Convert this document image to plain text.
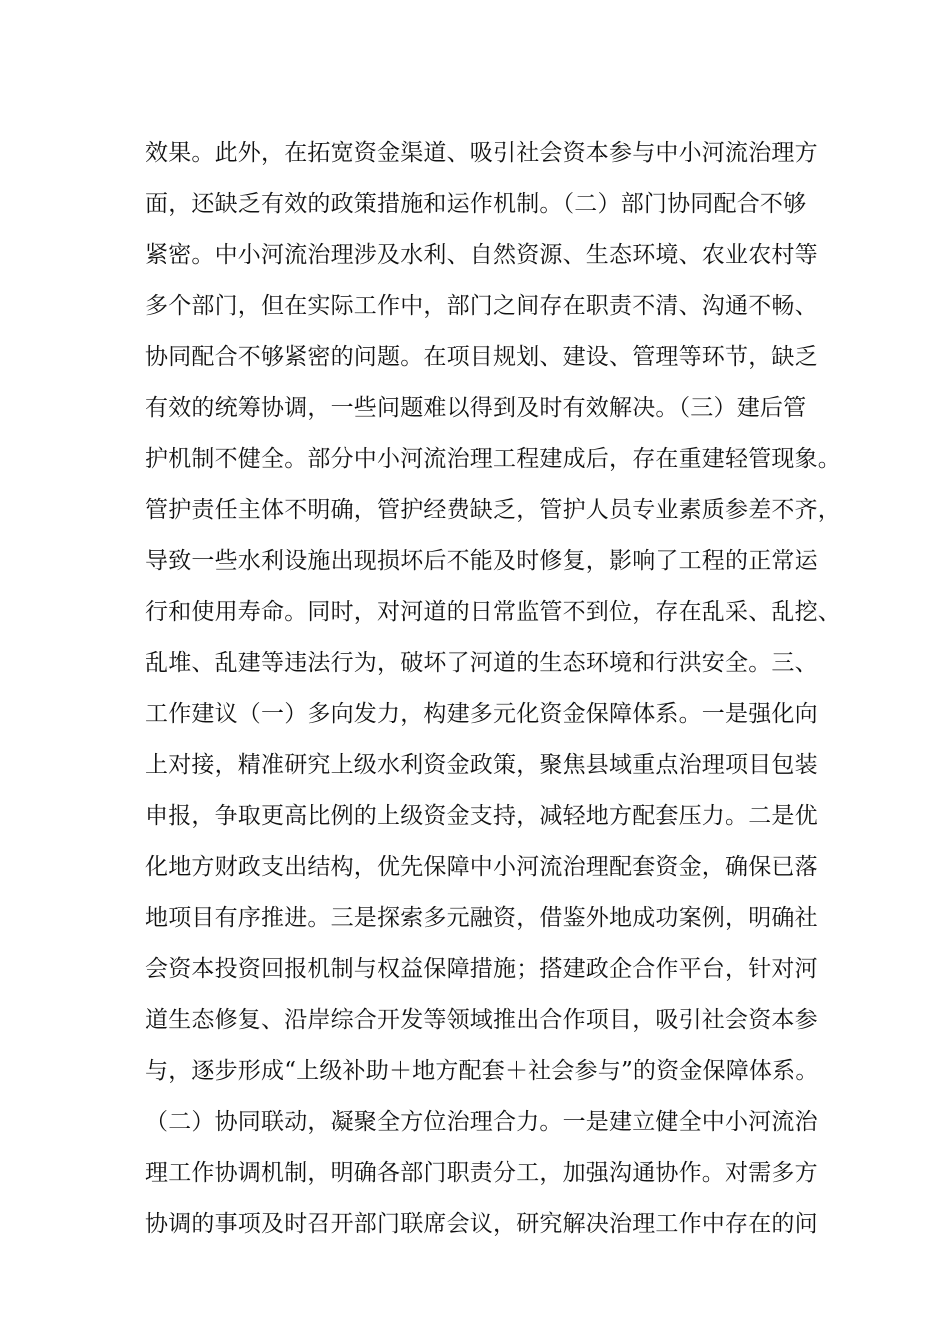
效果。此外，在拓宽资金渠道、吸引社会资本参与中小河流治理方
面，还缺乏有效的政策措施和运作机制。（二）部门协同配合不够
紧密。中小河流治理涉及水利、自然资源、生态环境、农业农村等
多个部门，但在实际工作中，部门之间存在职责不清、沟通不畅、
协同配合不够紧密的问题。在项目规划、建设、管理等环节，缺乏
有效的统筹协调，一些问题难以得到及时有效解决。（三）建后管
护机制不健全。部分中小河流治理工程建成后，存在重建轻管现象。
管护责任主体不明确，管护经费缺乏，管护人员专业素质参差不齐，
导致一些水利设施出现损坏后不能及时修复，影响了工程的正常运
行和使用寿命。同时，对河道的日常监管不到位，存在乱采、乱挖、
乱堆、乱建等违法行为，破坏了河道的生态环境和行洪安全。三、
工作建议（一）多向发力，构建多元化资金保障体系。一是强化向
上对接，精准研究上级水利资金政策，聚焦县域重点治理项目包装
申报，争取更高比例的上级资金支持，减轻地方配套压力。二是优
化地方财政支出结构，优先保障中小河流治理配套资金，确保已落
地项目有序推进。三是探索多元融资，借鉴外地成功案例，明确社
会资本投资回报机制与权益保障措施；搭建政企合作平台，针对河
道生态修复、沿岸综合开发等领域推出合作项目，吸引社会资本参
与，逐步形成“上级补助＋地方配套＋社会参与”的资金保障体系。
（二）协同联动，凝聚全方位治理合力。一是建立健全中小河流治
理工作协调机制，明确各部门职责分工，加强沟通协作。对需多方
协调的事项及时召开部门联席会议，研究解决治理工作中存在的问
